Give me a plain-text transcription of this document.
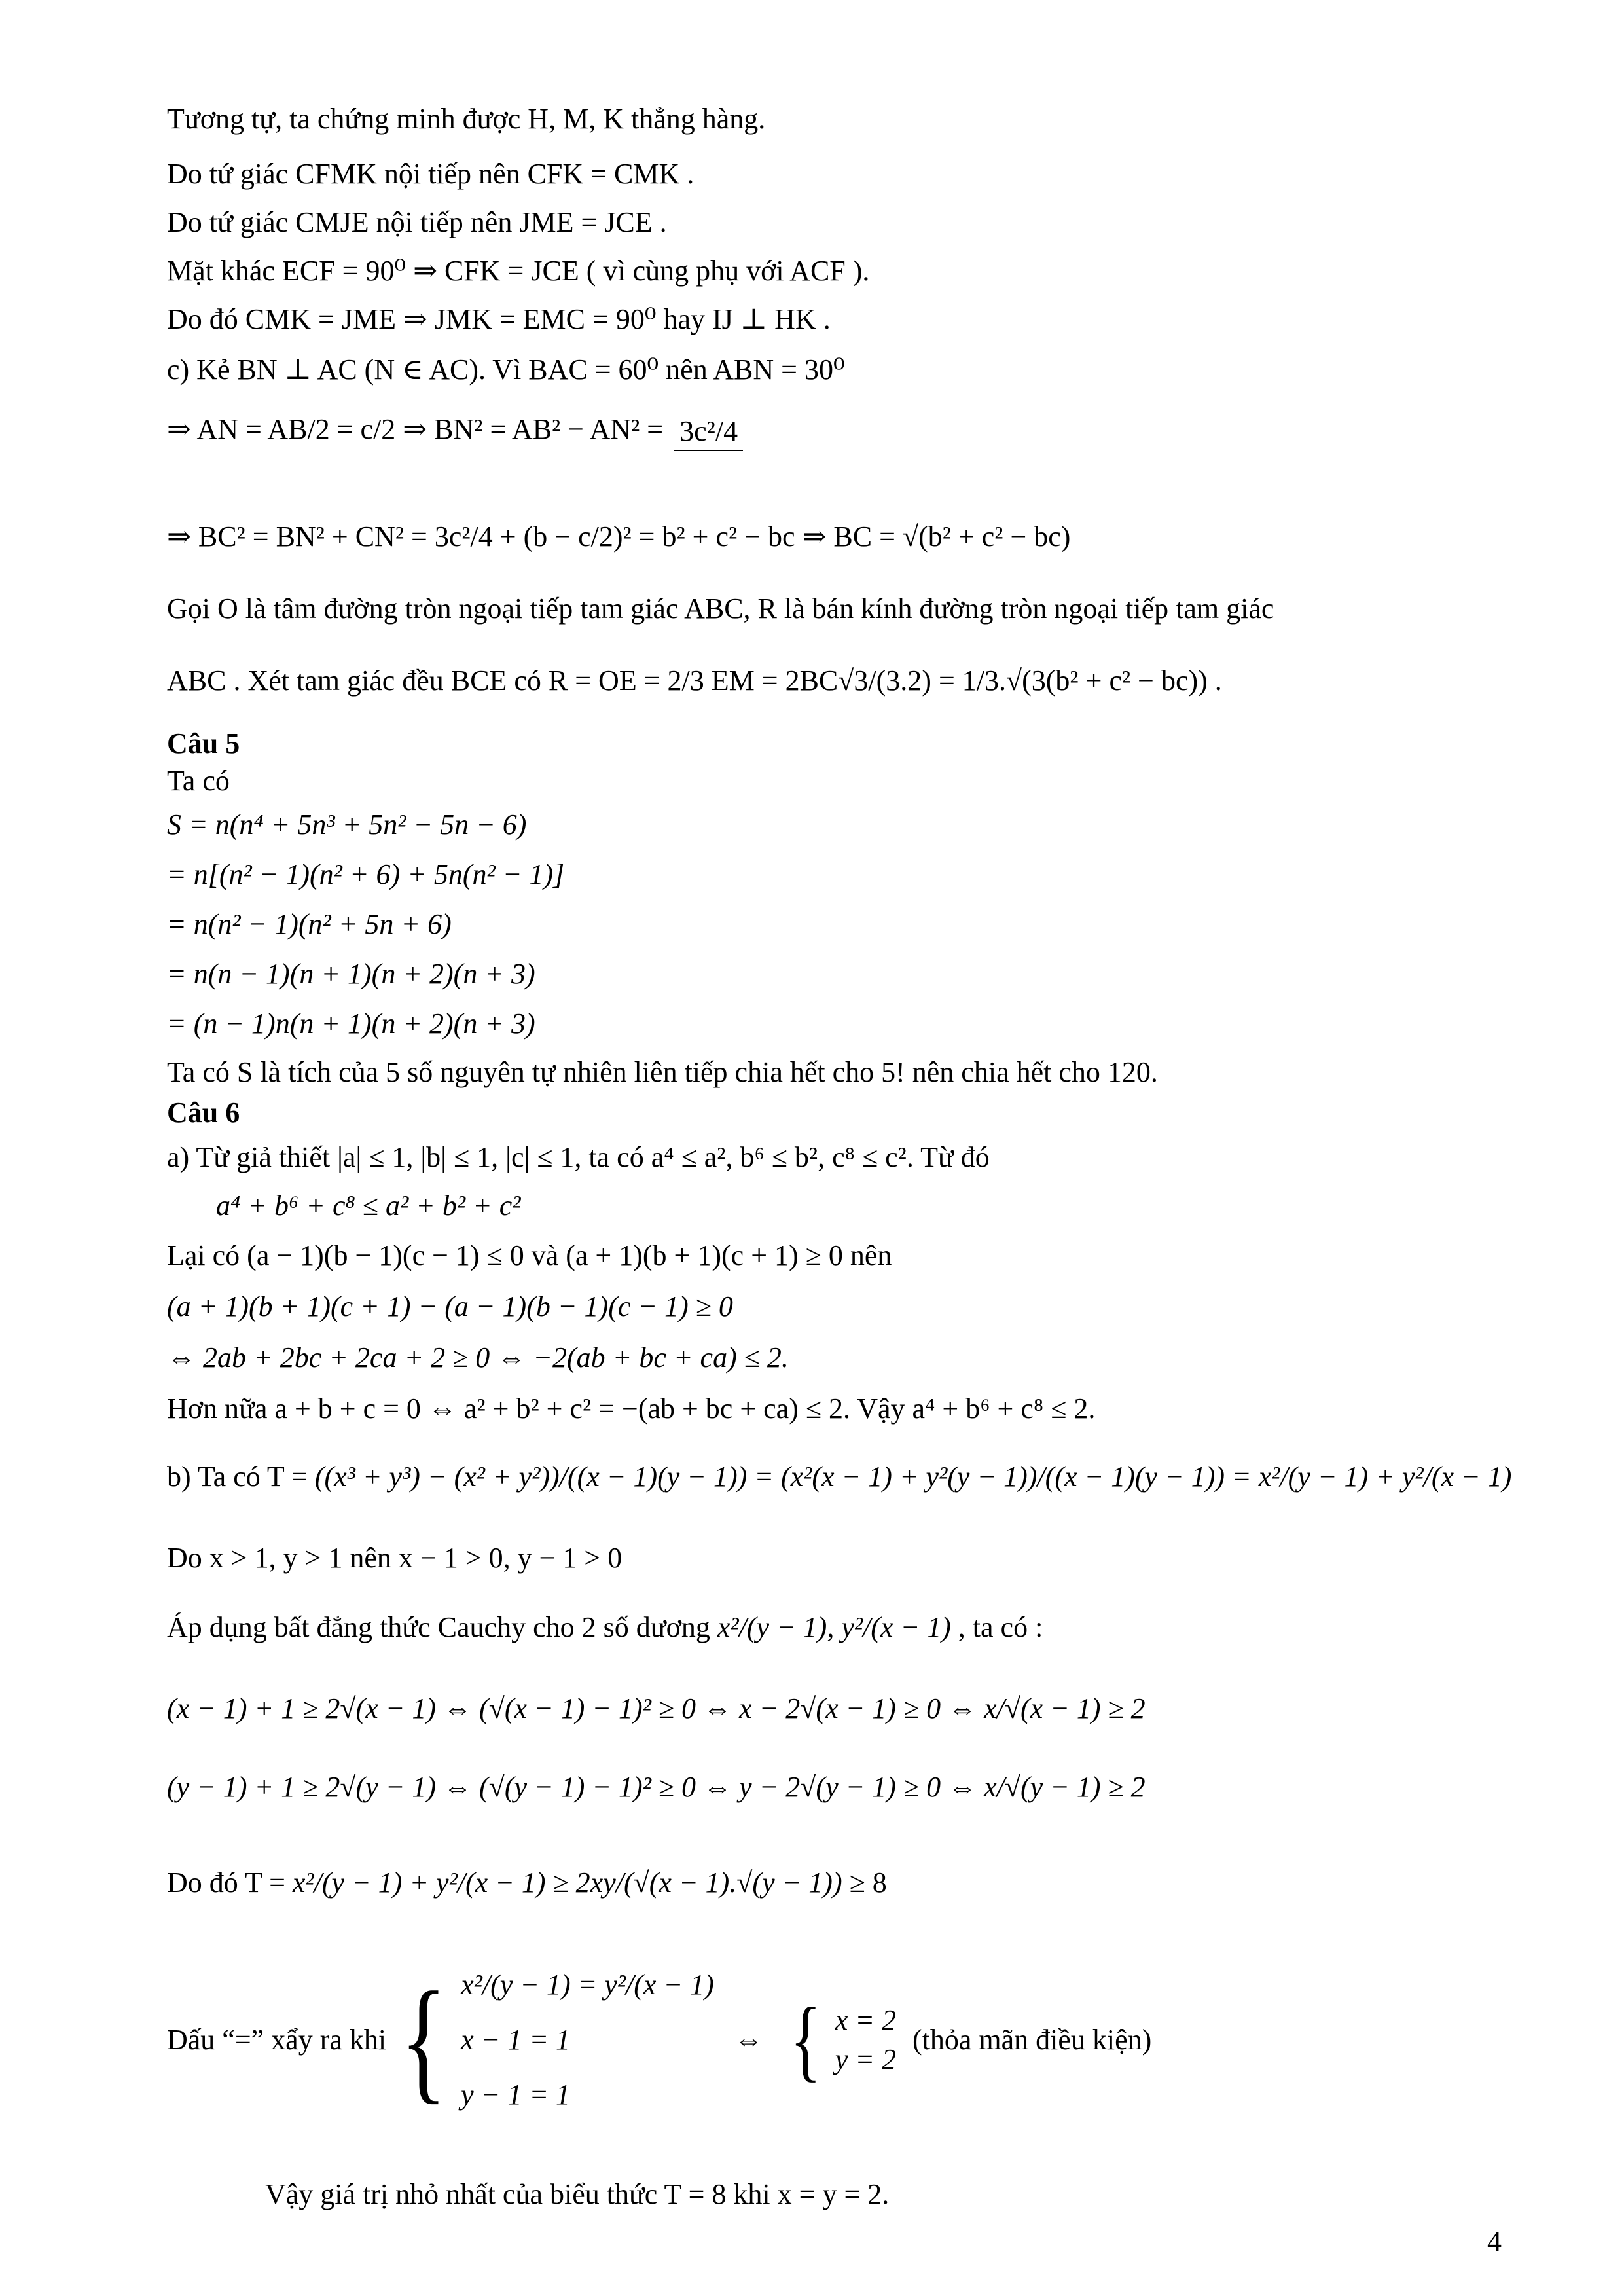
Tương tự, ta chứng minh được H, M, K thẳng hàng.
Do tứ giác CFMK nội tiếp nên CFK = CMK .
Do tứ giác CMJE nội tiếp nên JME = JCE .
Mặt khác ECF = 90⁰ ⇒ CFK = JCE ( vì cùng phụ với ACF ).
Do đó CMK = JME ⇒ JMK = EMC = 90⁰ hay IJ ⊥ HK .
c) Kẻ BN ⊥ AC (N ∈ AC). Vì BAC = 60⁰ nên ABN = 30⁰
⇒ AN = AB/2 = c/2 ⇒ BN² = AB² − AN² = 3c²/4
⇒ BC² = BN² + CN² = 3c²/4 + (b − c/2)² = b² + c² − bc ⇒ BC = √(b² + c² − bc)
Gọi O là tâm đường tròn ngoại tiếp tam giác ABC, R là bán kính đường tròn ngoại tiếp tam giác
ABC . Xét tam giác đều BCE có R = OE = 2/3 EM = 2BC√3/(3.2) = 1/3.√(3(b² + c² − bc)) .
Câu 5
Ta có
S = n(n⁴ + 5n³ + 5n² − 5n − 6)
= n[(n² − 1)(n² + 6) + 5n(n² − 1)]
= n(n² − 1)(n² + 5n + 6)
= n(n − 1)(n + 1)(n + 2)(n + 3)
= (n − 1)n(n + 1)(n + 2)(n + 3)
Ta có S là tích của 5 số nguyên tự nhiên liên tiếp chia hết cho 5! nên chia hết cho 120.
Câu 6
a) Từ giả thiết |a| ≤ 1, |b| ≤ 1, |c| ≤ 1, ta có a⁴ ≤ a², b⁶ ≤ b², c⁸ ≤ c². Từ đó
a⁴ + b⁶ + c⁸ ≤ a² + b² + c²
Lại có (a − 1)(b − 1)(c − 1) ≤ 0 và (a + 1)(b + 1)(c + 1) ≥ 0 nên
(a + 1)(b + 1)(c + 1) − (a − 1)(b − 1)(c − 1) ≥ 0
⇔ 2ab + 2bc + 2ca + 2 ≥ 0 ⇔ −2(ab + bc + ca) ≤ 2.
Hơn nữa a + b + c = 0 ⇔ a² + b² + c² = −(ab + bc + ca) ≤ 2. Vậy a⁴ + b⁶ + c⁸ ≤ 2.
b) Ta có T = ((x³ + y³) − (x² + y²))/((x − 1)(y − 1)) = (x²(x − 1) + y²(y − 1))/((x − 1)(y − 1)) = x²/(y − 1) + y²/(x − 1)
Do x > 1, y > 1 nên x − 1 > 0, y − 1 > 0
Áp dụng bất đẳng thức Cauchy cho 2 số dương x²/(y − 1), y²/(x − 1) , ta có :
(x − 1) + 1 ≥ 2√(x − 1) ⇔ (√(x − 1) − 1)² ≥ 0 ⇔ x − 2√(x − 1) ≥ 0 ⇔ x/√(x − 1) ≥ 2
(y − 1) + 1 ≥ 2√(y − 1) ⇔ (√(y − 1) − 1)² ≥ 0 ⇔ y − 2√(y − 1) ≥ 0 ⇔ x/√(y − 1) ≥ 2
Do đó T = x²/(y − 1) + y²/(x − 1) ≥ 2xy/(√(x − 1).√(y − 1)) ≥ 8
Dấu “=” xẩy ra khi { x²/(y − 1) = y²/(x − 1)
x − 1 = 1
y − 1 = 1
⇔ { x = 2
y = 2
(thỏa mãn điều kiện)
Vậy giá trị nhỏ nhất của biểu thức T = 8 khi x = y = 2.
4
